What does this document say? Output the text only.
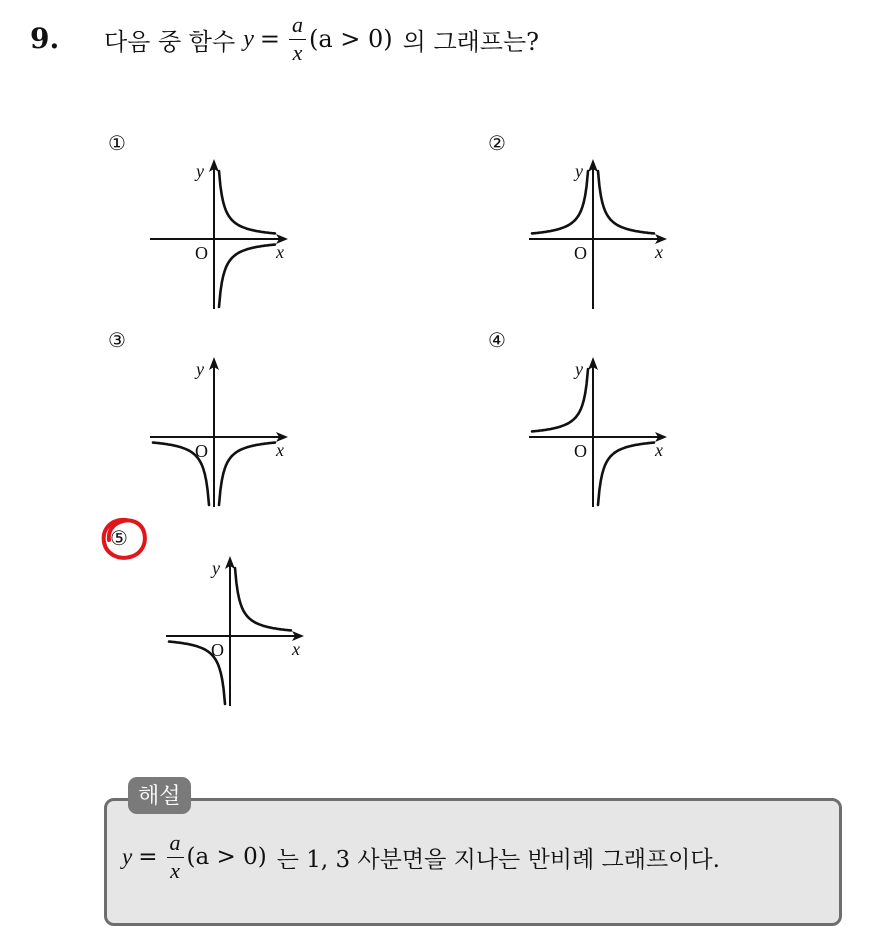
9. 다음 중 함수 $y = \frac{a}{x} (a > 0)$ 의 그래프는?
①	②
③	④
⑤
x
y
O	x
y
O
x
y
O	x
y
O
x
y
O
해설
$y = \frac{a}{x} (a > 0)$ 는 1, 3 사분면을 지나는 반비례 그래프이다.
